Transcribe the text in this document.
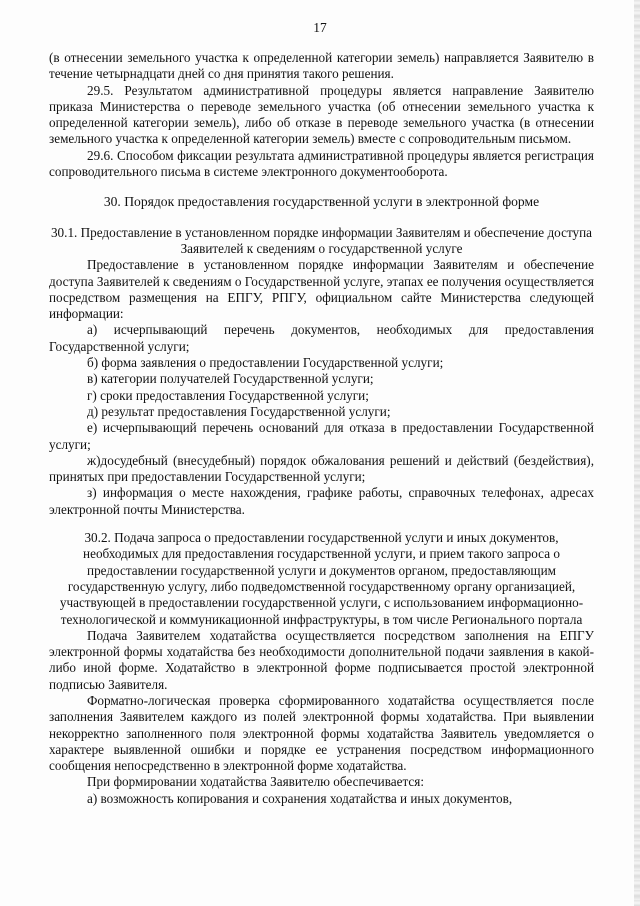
17

(в отнесении земельного участка к определенной категории земель) направляется Заявителю в течение четырнадцати дней со дня принятия такого решения.

29.5. Результатом административной процедуры является направление Заявителю приказа Министерства о переводе земельного участка (об отнесении земельного участка к определенной категории земель), либо об отказе в переводе земельного участка (в отнесении земельного участка к определенной категории земель) вместе с сопроводительным письмом.

29.6. Способом фиксации результата административной процедуры является регистрация сопроводительного письма в системе электронного документооборота.

30. Порядок предоставления государственной услуги в электронной форме

30.1. Предоставление в установленном порядке информации Заявителям и обеспечение доступа Заявителей к сведениям о государственной услуге

Предоставление в установленном порядке информации Заявителям и обеспечение доступа Заявителей к сведениям о Государственной услуге, этапах ее получения осуществляется посредством размещения на ЕПГУ, РПГУ, официальном сайте Министерства следующей информации:

а) исчерпывающий перечень документов, необходимых для предоставления Государственной услуги;

б) форма заявления о предоставлении Государственной услуги;

в) категории получателей Государственной услуги;

г) сроки предоставления Государственной услуги;

д) результат предоставления Государственной услуги;

е) исчерпывающий перечень оснований для отказа в предоставлении Государственной услуги;

ж)досудебный (внесудебный) порядок обжалования решений и действий (бездействия), принятых при предоставлении Государственной услуги;

з) информация о месте нахождения, графике работы, справочных телефонах, адресах электронной почты Министерства.

30.2. Подача запроса о предоставлении государственной услуги и иных документов, необходимых для предоставления государственной услуги, и прием такого запроса о предоставлении государственной услуги и документов органом, предоставляющим государственную услугу, либо подведомственной государственному органу организацией, участвующей в предоставлении государственной услуги, с использованием информационно-технологической и коммуникационной инфраструктуры, в том числе Регионального портала

Подача Заявителем ходатайства осуществляется посредством заполнения на ЕПГУ электронной формы ходатайства без необходимости дополнительной подачи заявления в какой-либо иной форме. Ходатайство в электронной форме подписывается простой электронной подписью Заявителя.

Форматно-логическая проверка сформированного ходатайства осуществляется после заполнения Заявителем каждого из полей электронной формы ходатайства. При выявлении некорректно заполненного поля электронной формы ходатайства Заявитель уведомляется о характере выявленной ошибки и порядке ее устранения посредством информационного сообщения непосредственно в электронной форме ходатайства.

При формировании ходатайства Заявителю обеспечивается:

а) возможность копирования и сохранения ходатайства и иных документов,
